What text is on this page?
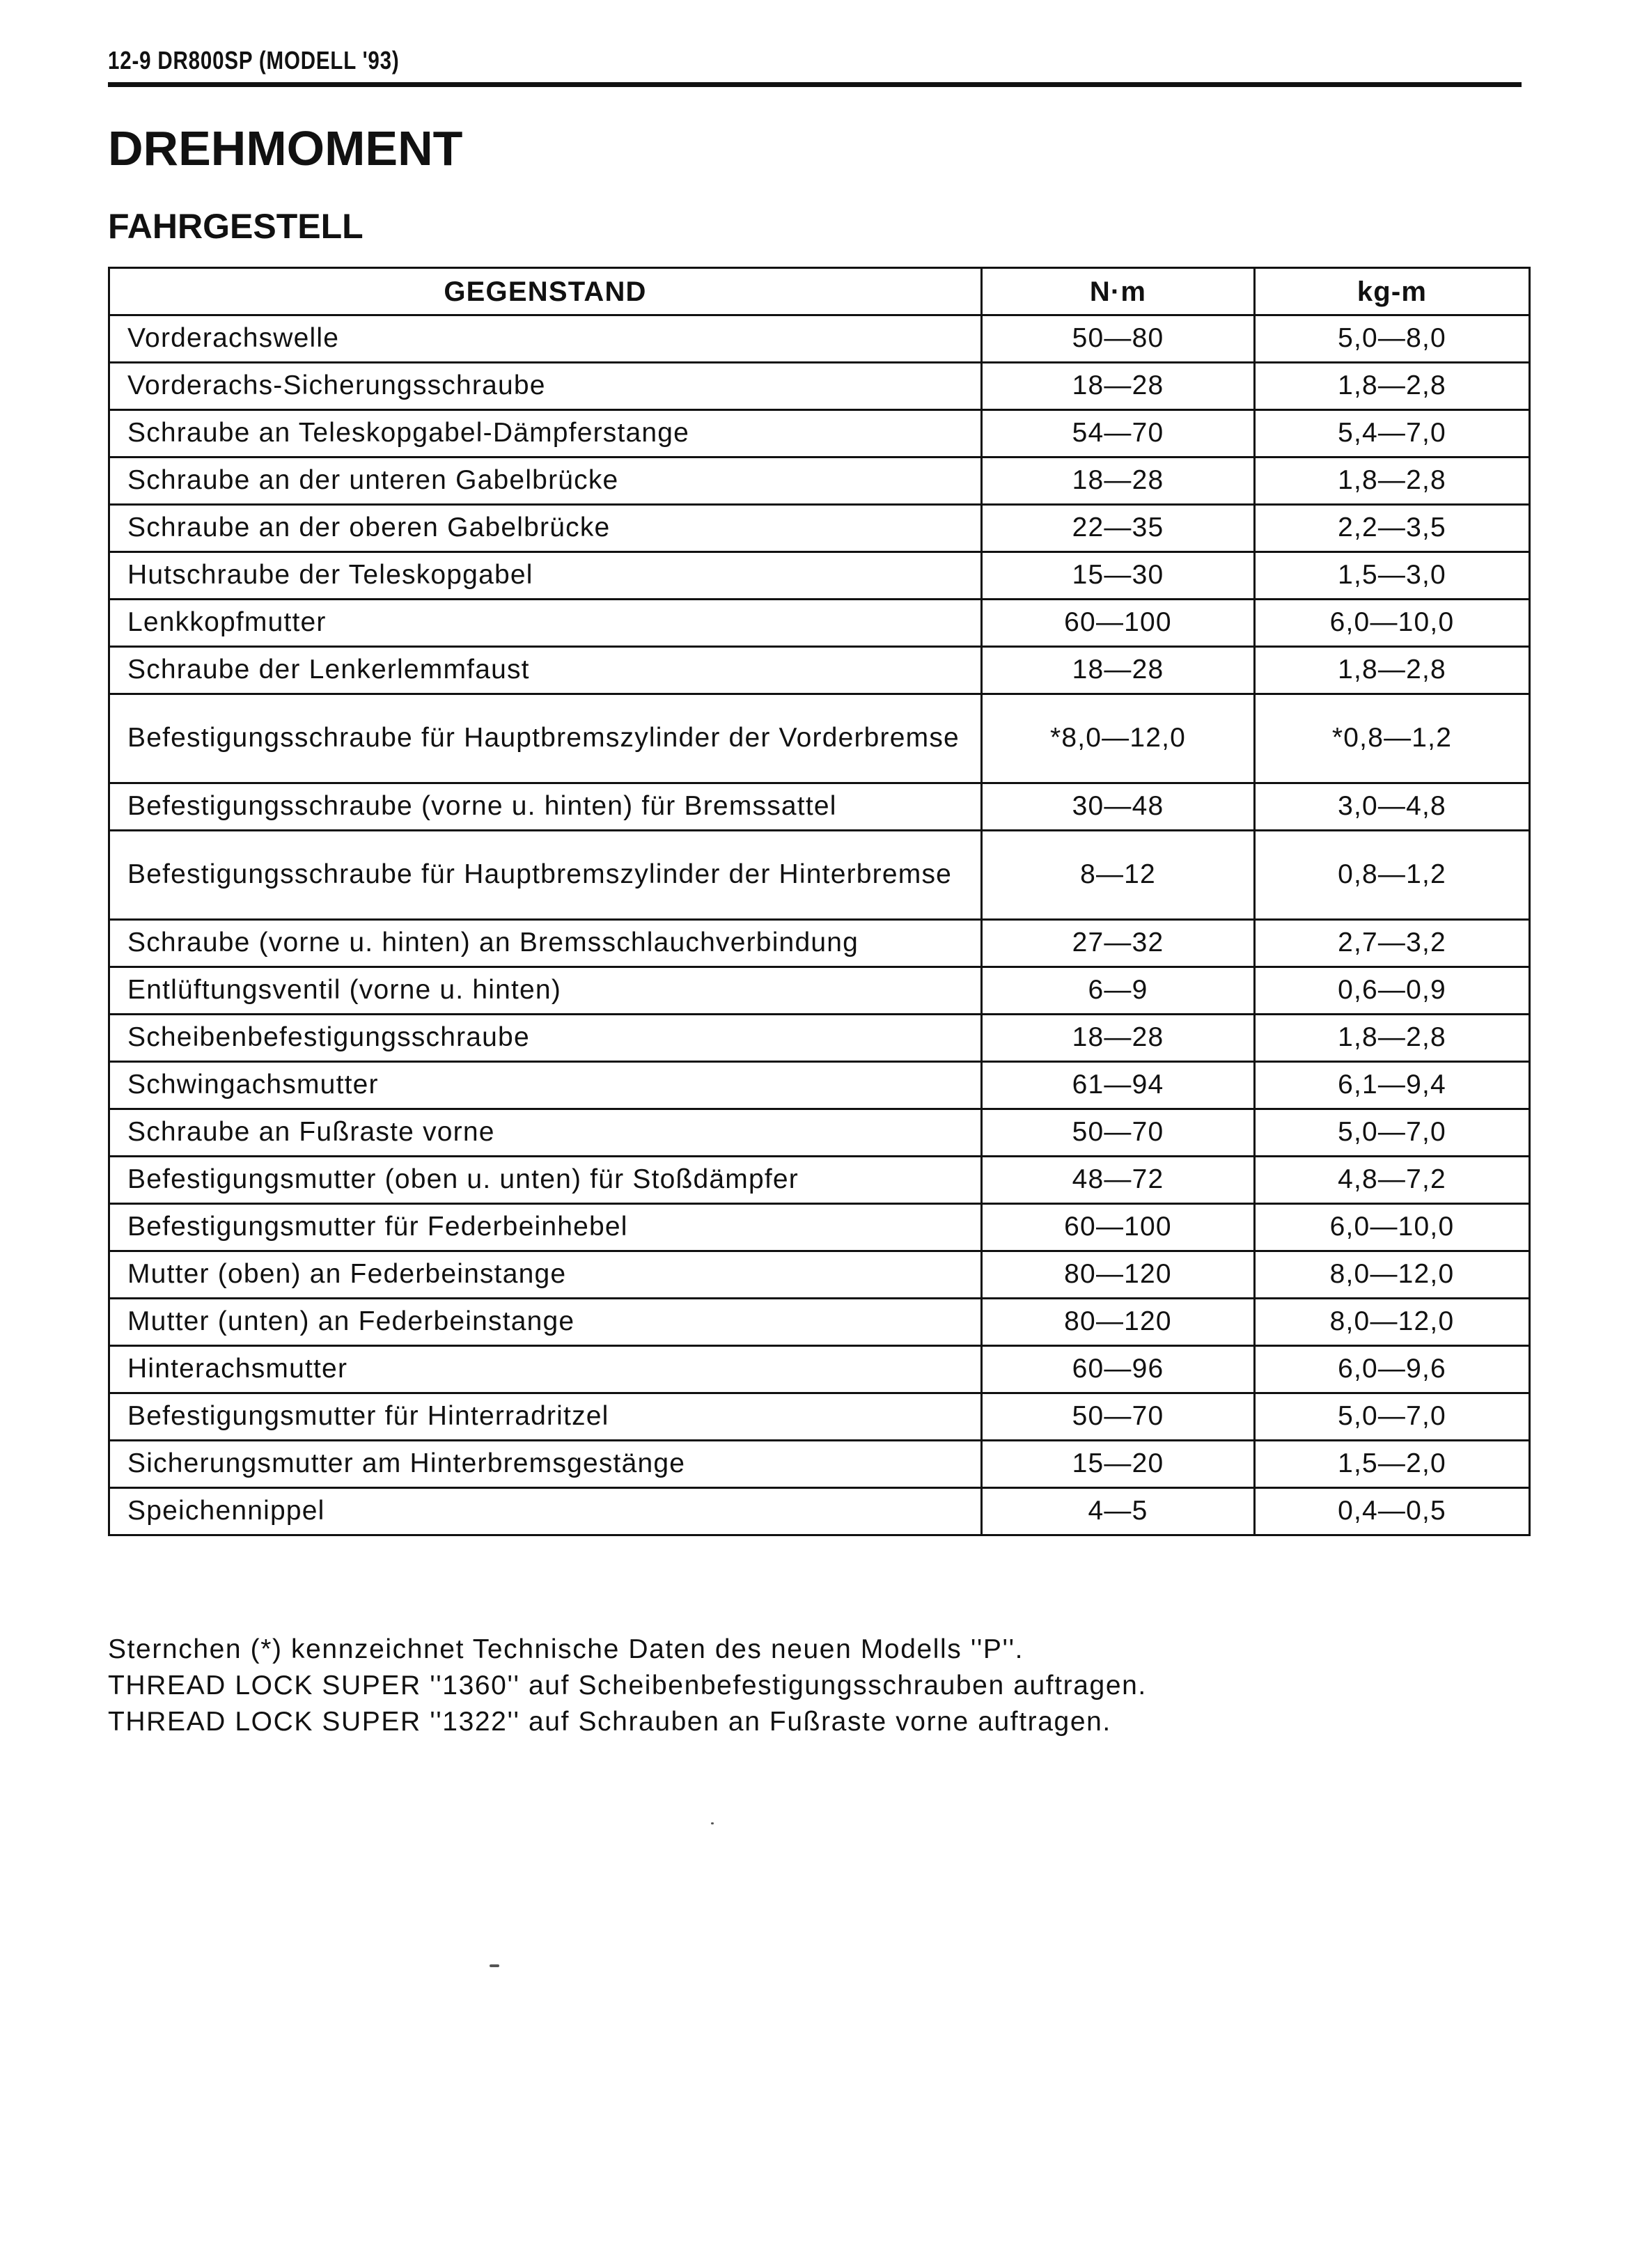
12-9 DR800SP (MODELL '93)
DREHMOMENT
FAHRGESTELL
GEGENSTAND	N·m	kg-m
Vorderachswelle	50—80	5,0—8,0
Vorderachs-Sicherungsschraube	18—28	1,8—2,8
Schraube an Teleskopgabel-Dämpferstange	54—70	5,4—7,0
Schraube an der unteren Gabelbrücke	18—28	1,8—2,8
Schraube an der oberen Gabelbrücke	22—35	2,2—3,5
Hutschraube der Teleskopgabel	15—30	1,5—3,0
Lenkkopfmutter	60—100	6,0—10,0
Schraube der Lenkerlemmfaust	18—28	1,8—2,8
Befestigungsschraube für Hauptbremszylinder der Vorderbremse	*8,0—12,0	*0,8—1,2
Befestigungsschraube (vorne u. hinten) für Bremssattel	30—48	3,0—4,8
Befestigungsschraube für Hauptbremszylinder der Hinterbremse	8—12	0,8—1,2
Schraube (vorne u. hinten) an Bremsschlauchverbindung	27—32	2,7—3,2
Entlüftungsventil (vorne u. hinten)	6—9	0,6—0,9
Scheibenbefestigungsschraube	18—28	1,8—2,8
Schwingachsmutter	61—94	6,1—9,4
Schraube an Fußraste vorne	50—70	5,0—7,0
Befestigungsmutter (oben u. unten) für Stoßdämpfer	48—72	4,8—7,2
Befestigungsmutter für Federbeinhebel	60—100	6,0—10,0
Mutter (oben) an Federbeinstange	80—120	8,0—12,0
Mutter (unten) an Federbeinstange	80—120	8,0—12,0
Hinterachsmutter	60—96	6,0—9,6
Befestigungsmutter für Hinterradritzel	50—70	5,0—7,0
Sicherungsmutter am Hinterbremsgestänge	15—20	1,5—2,0
Speichennippel	4—5	0,4—0,5
Sternchen (*) kennzeichnet Technische Daten des neuen Modells ''P''.
THREAD LOCK SUPER ''1360'' auf Scheibenbefestigungsschrauben auftragen.
THREAD LOCK SUPER ''1322'' auf Schrauben an Fußraste vorne auftragen.
